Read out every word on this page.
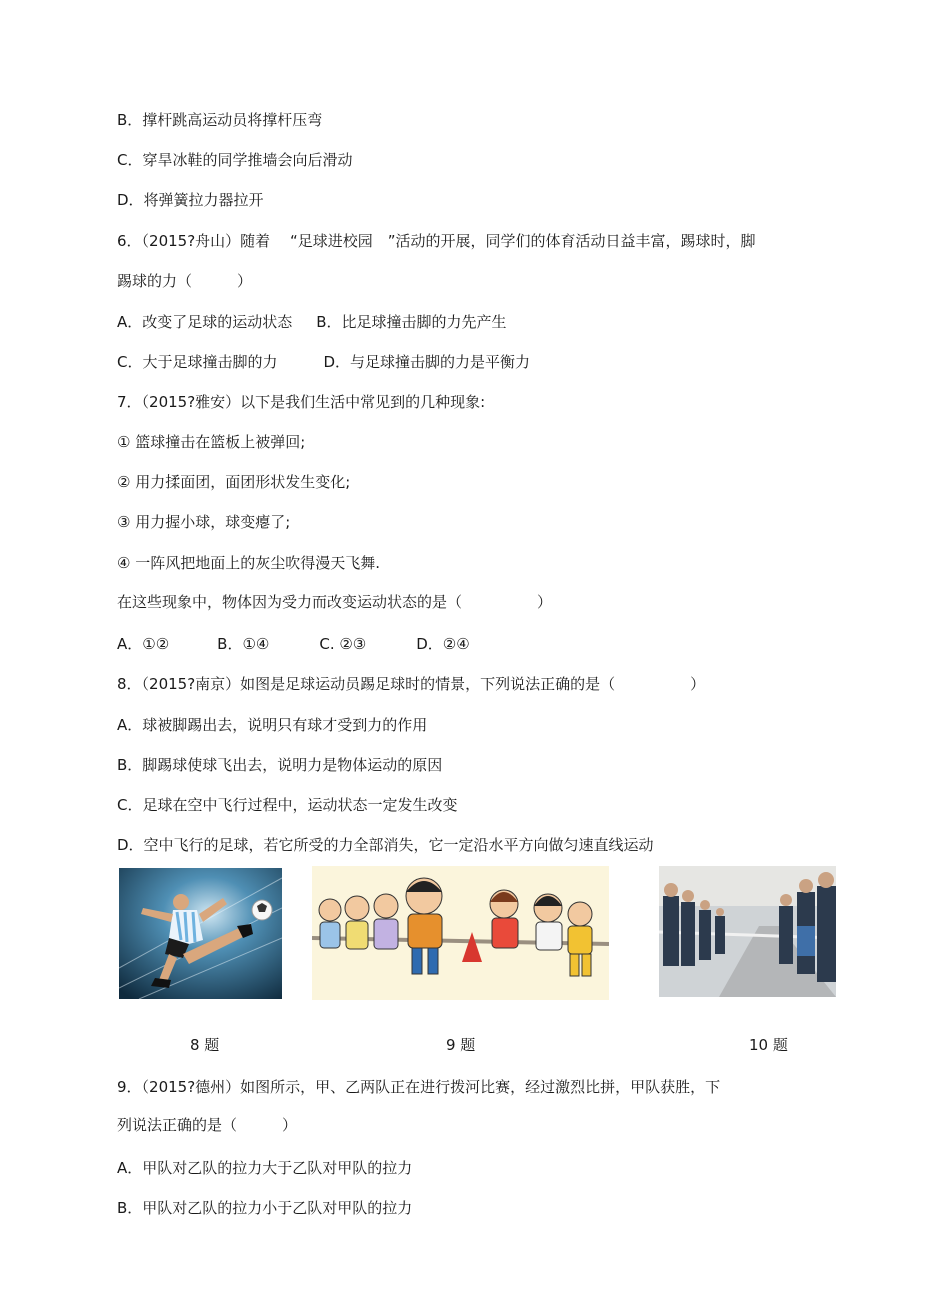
B．撑杆跳高运动员将撑杆压弯
C．穿旱冰鞋的同学推墙会向后滑动
D．将弹簧拉力器拉开
6．（2015?舟山）随着　 “足球进校园　”活动的开展，同学们的体育活动日益丰富，踢球时，脚
踢球的力（　　　）
A．改变了足球的运动状态 B．比足球撞击脚的力先产生
C．大于足球撞击脚的力	D．与足球撞击脚的力是平衡力
7．（2015?雅安）以下是我们生活中常见到的几种现象:
① 篮球撞击在篮板上被弹回;
② 用力揉面团，面团形状发生变化;
③ 用力握小球，球变瘪了;
④ 一阵风把地面上的灰尘吹得漫天飞舞.
在这些现象中，物体因为受力而改变运动状态的是（　　　　　）
A．①②	B．①④	C. ②③	D．②④
8．（2015?南京）如图是足球运动员踢足球时的情景，下列说法正确的是（　　　　　）
A．球被脚踢出去，说明只有球才受到力的作用
B．脚踢球使球飞出去，说明力是物体运动的原因
C．足球在空中飞行过程中，运动状态一定发生改变
D．空中飞行的足球，若它所受的力全部消失，它一定沿水平方向做匀速直线运动
8 题	9 题	10 题
9．（2015?德州）如图所示，甲、乙两队正在进行拨河比赛，经过激烈比拼，甲队获胜，下
列说法正确的是（　　　）
A．甲队对乙队的拉力大于乙队对甲队的拉力
B．甲队对乙队的拉力小于乙队对甲队的拉力
